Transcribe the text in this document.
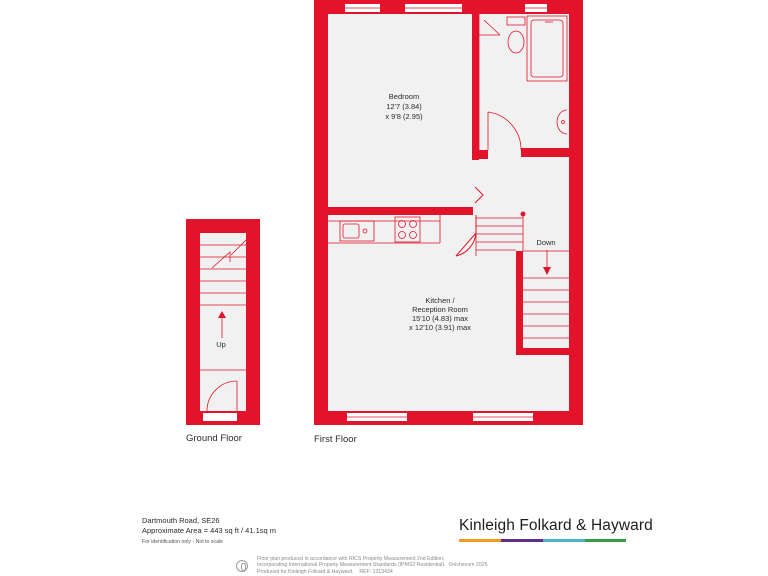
Bedroom
12'7 (3.84)
x 9'8 (2.95)
Kitchen /
Reception Room
15'10 (4.83) max
x 12'10 (3.91) max
Down
Up
Ground Floor	First Floor
Dartmouth Road, SE26
Approximate Area = 443 sq ft / 41.1sq m
For identification only - Not to scale
Kinleigh Folkard & Hayward
Floor plan produced in accordance with RICS Property Measurement 2nd Edition,
Incorporating International Property Measurement Standards (IPMS2 Residential).  ©nichecom 2025
Produced for Kinleigh Folkard & Hayward.    REF: 1313434
